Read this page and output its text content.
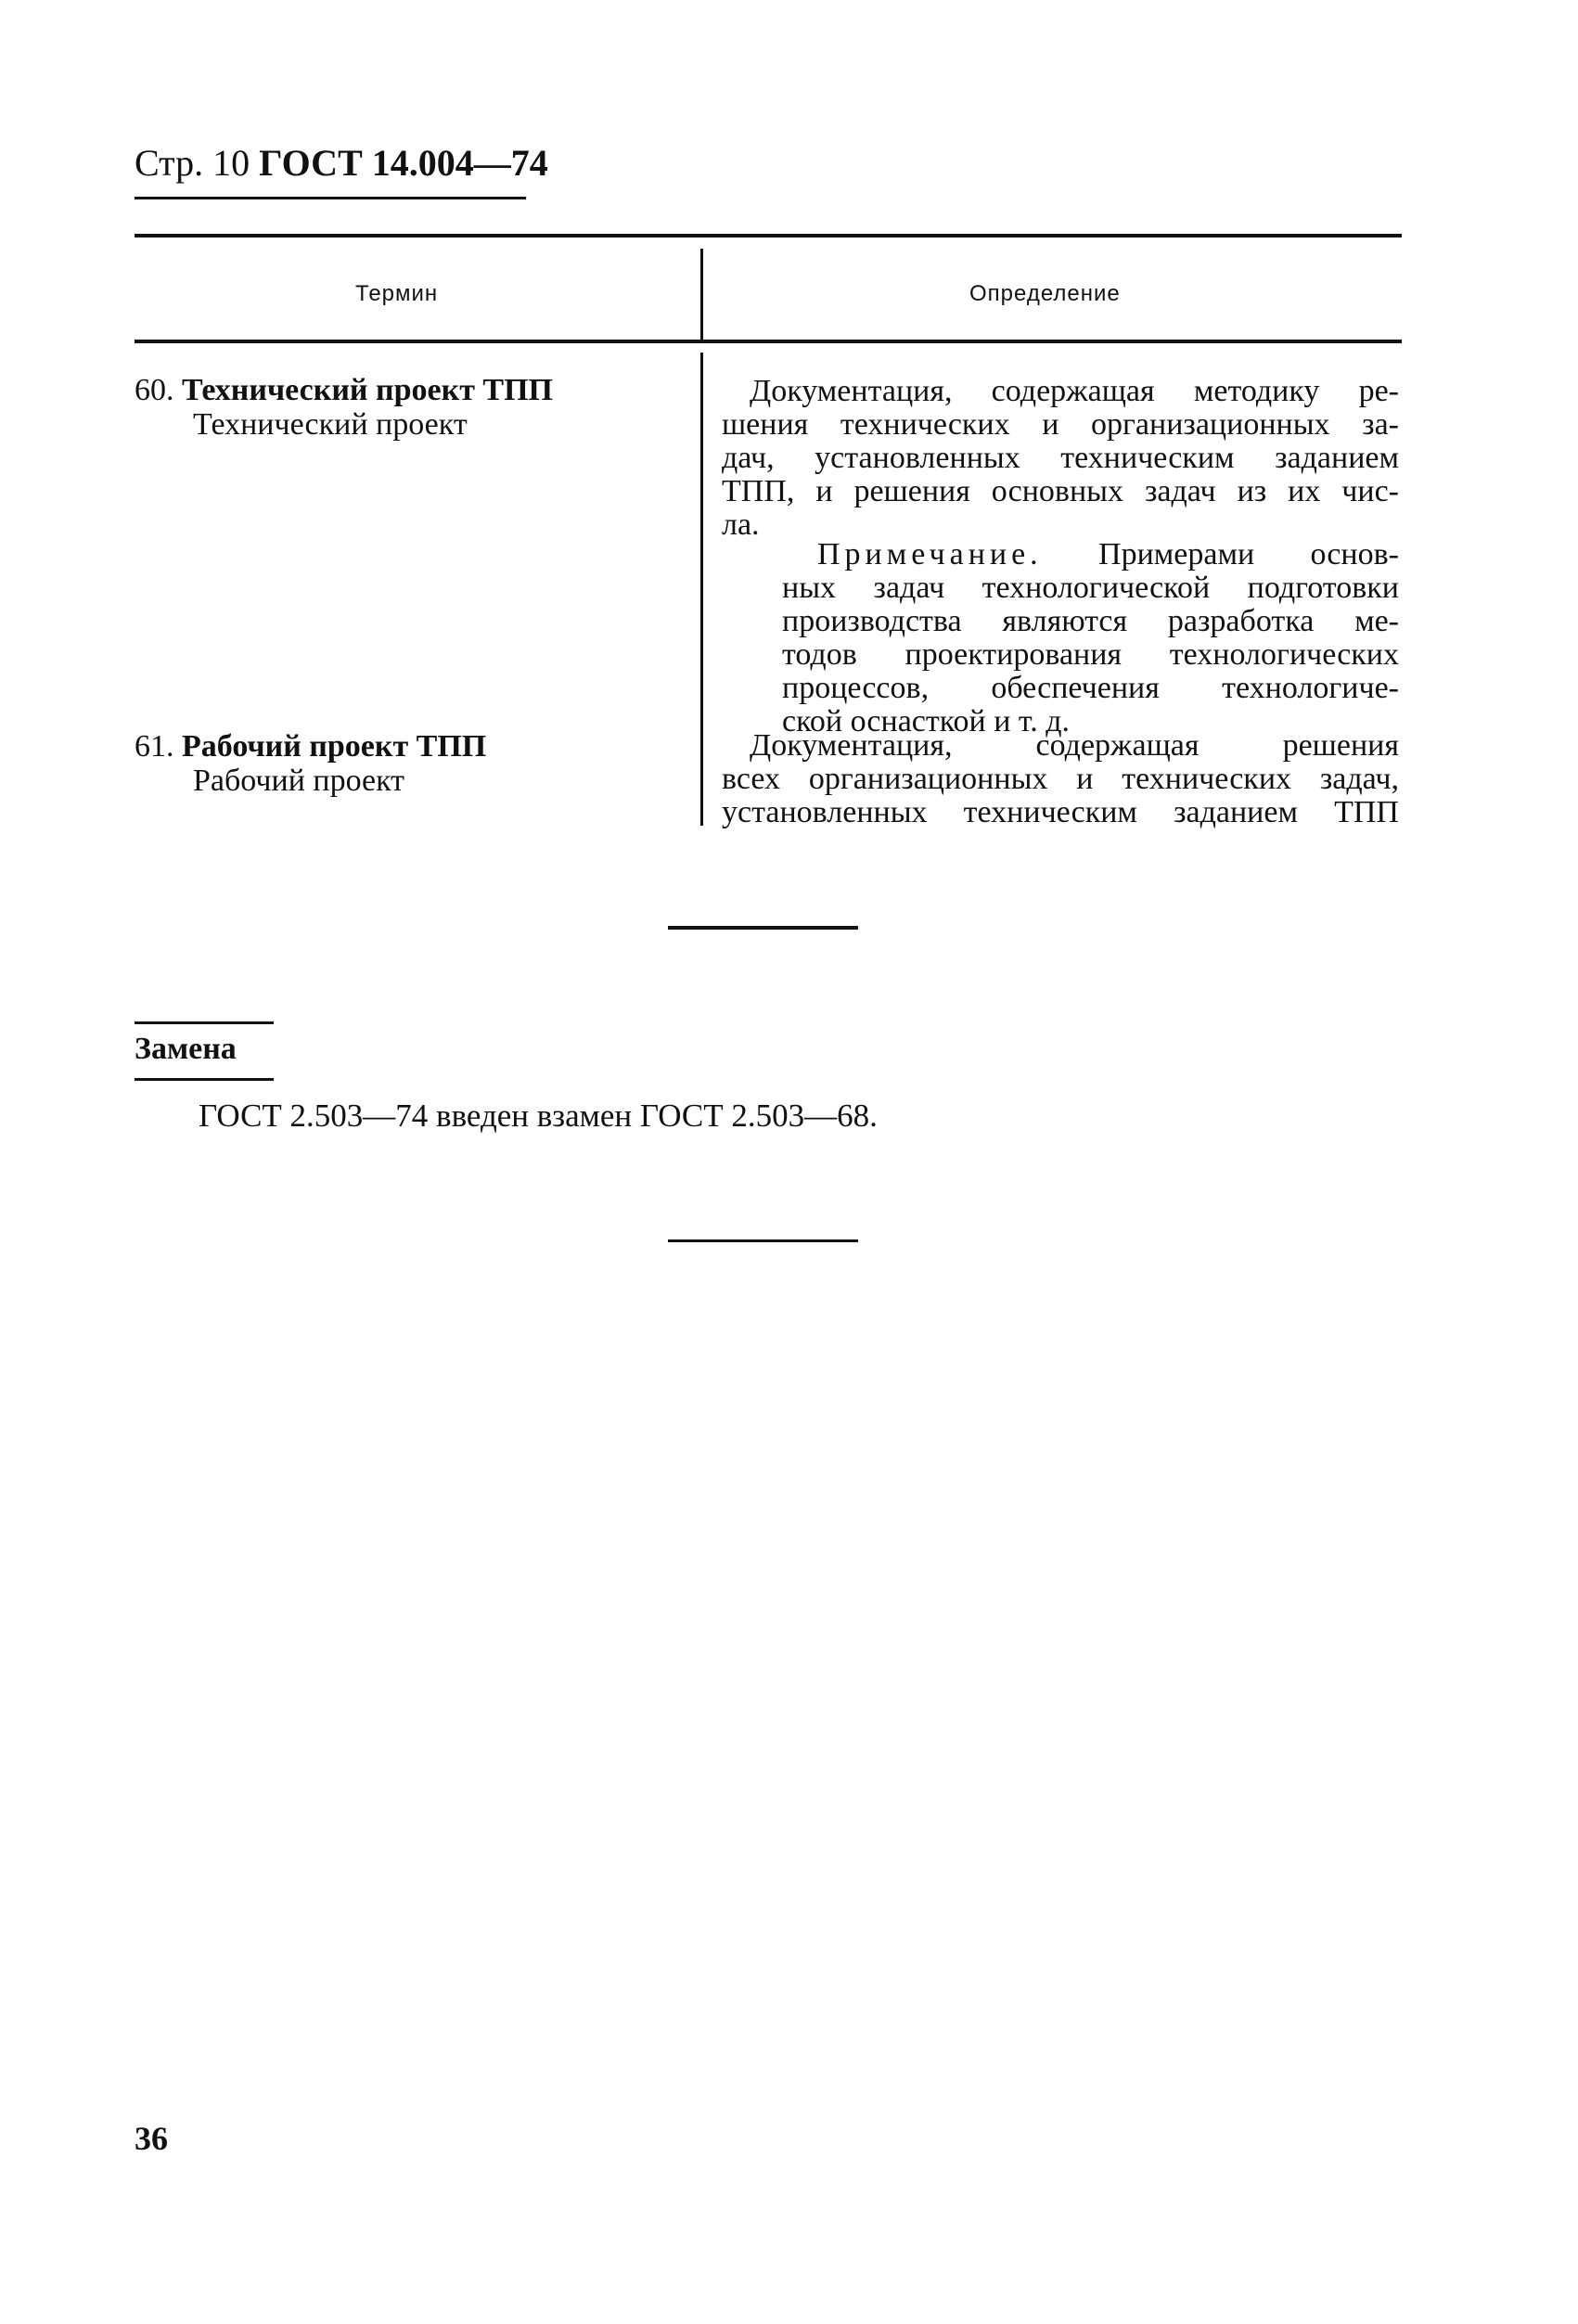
Стр. 10 ГОСТ 14.004—74
Термин	Определение
60. Технический проект ТПП
Технический проект
Документация, содержащая методику ре-
шения технических и организационных за-
дач, установленных техническим заданием
ТПП, и решения основных задач из их чис-
ла.
Примечание. Примерами основ-
ных задач технологической подготовки
производства являются разработка ме-
тодов проектирования технологических
процессов, обеспечения технологиче-
ской оснасткой и т. д.
61. Рабочий проект ТПП
Рабочий проект
Документация, содержащая решения
всех организационных и технических задач,
установленных техническим заданием ТПП
Замена
ГОСТ 2.503—74 введен взамен ГОСТ 2.503—68.
36
